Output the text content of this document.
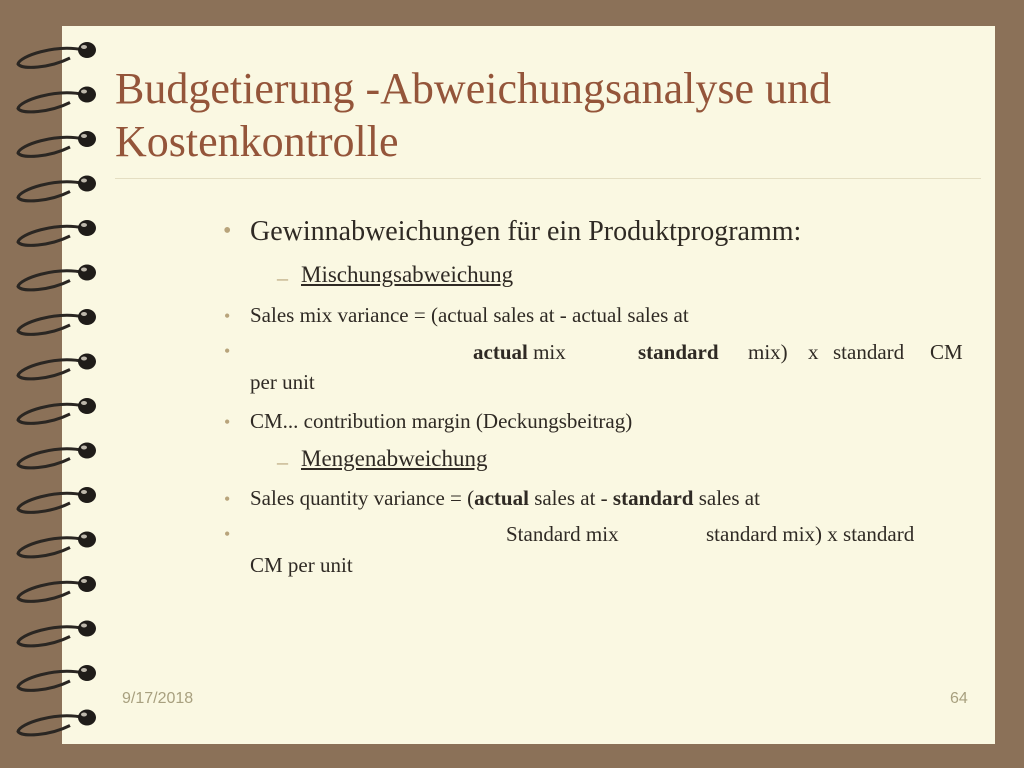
Budgetierung -Abweichungsanalyse und Kostenkontrolle
• Gewinnabweichungen für ein Produktprogramm:
– Mischungsabweichung
• Sales mix variance = (actual sales at - actual sales at
•	actual mix	standard mix) x standard CM
per unit
• CM... contribution margin (Deckungsbeitrag)
– Mengenabweichung
• Sales quantity variance = (actual sales at - standard sales at
•	Standard mix	standard mix) x standard
CM per unit
9/17/2018	64
